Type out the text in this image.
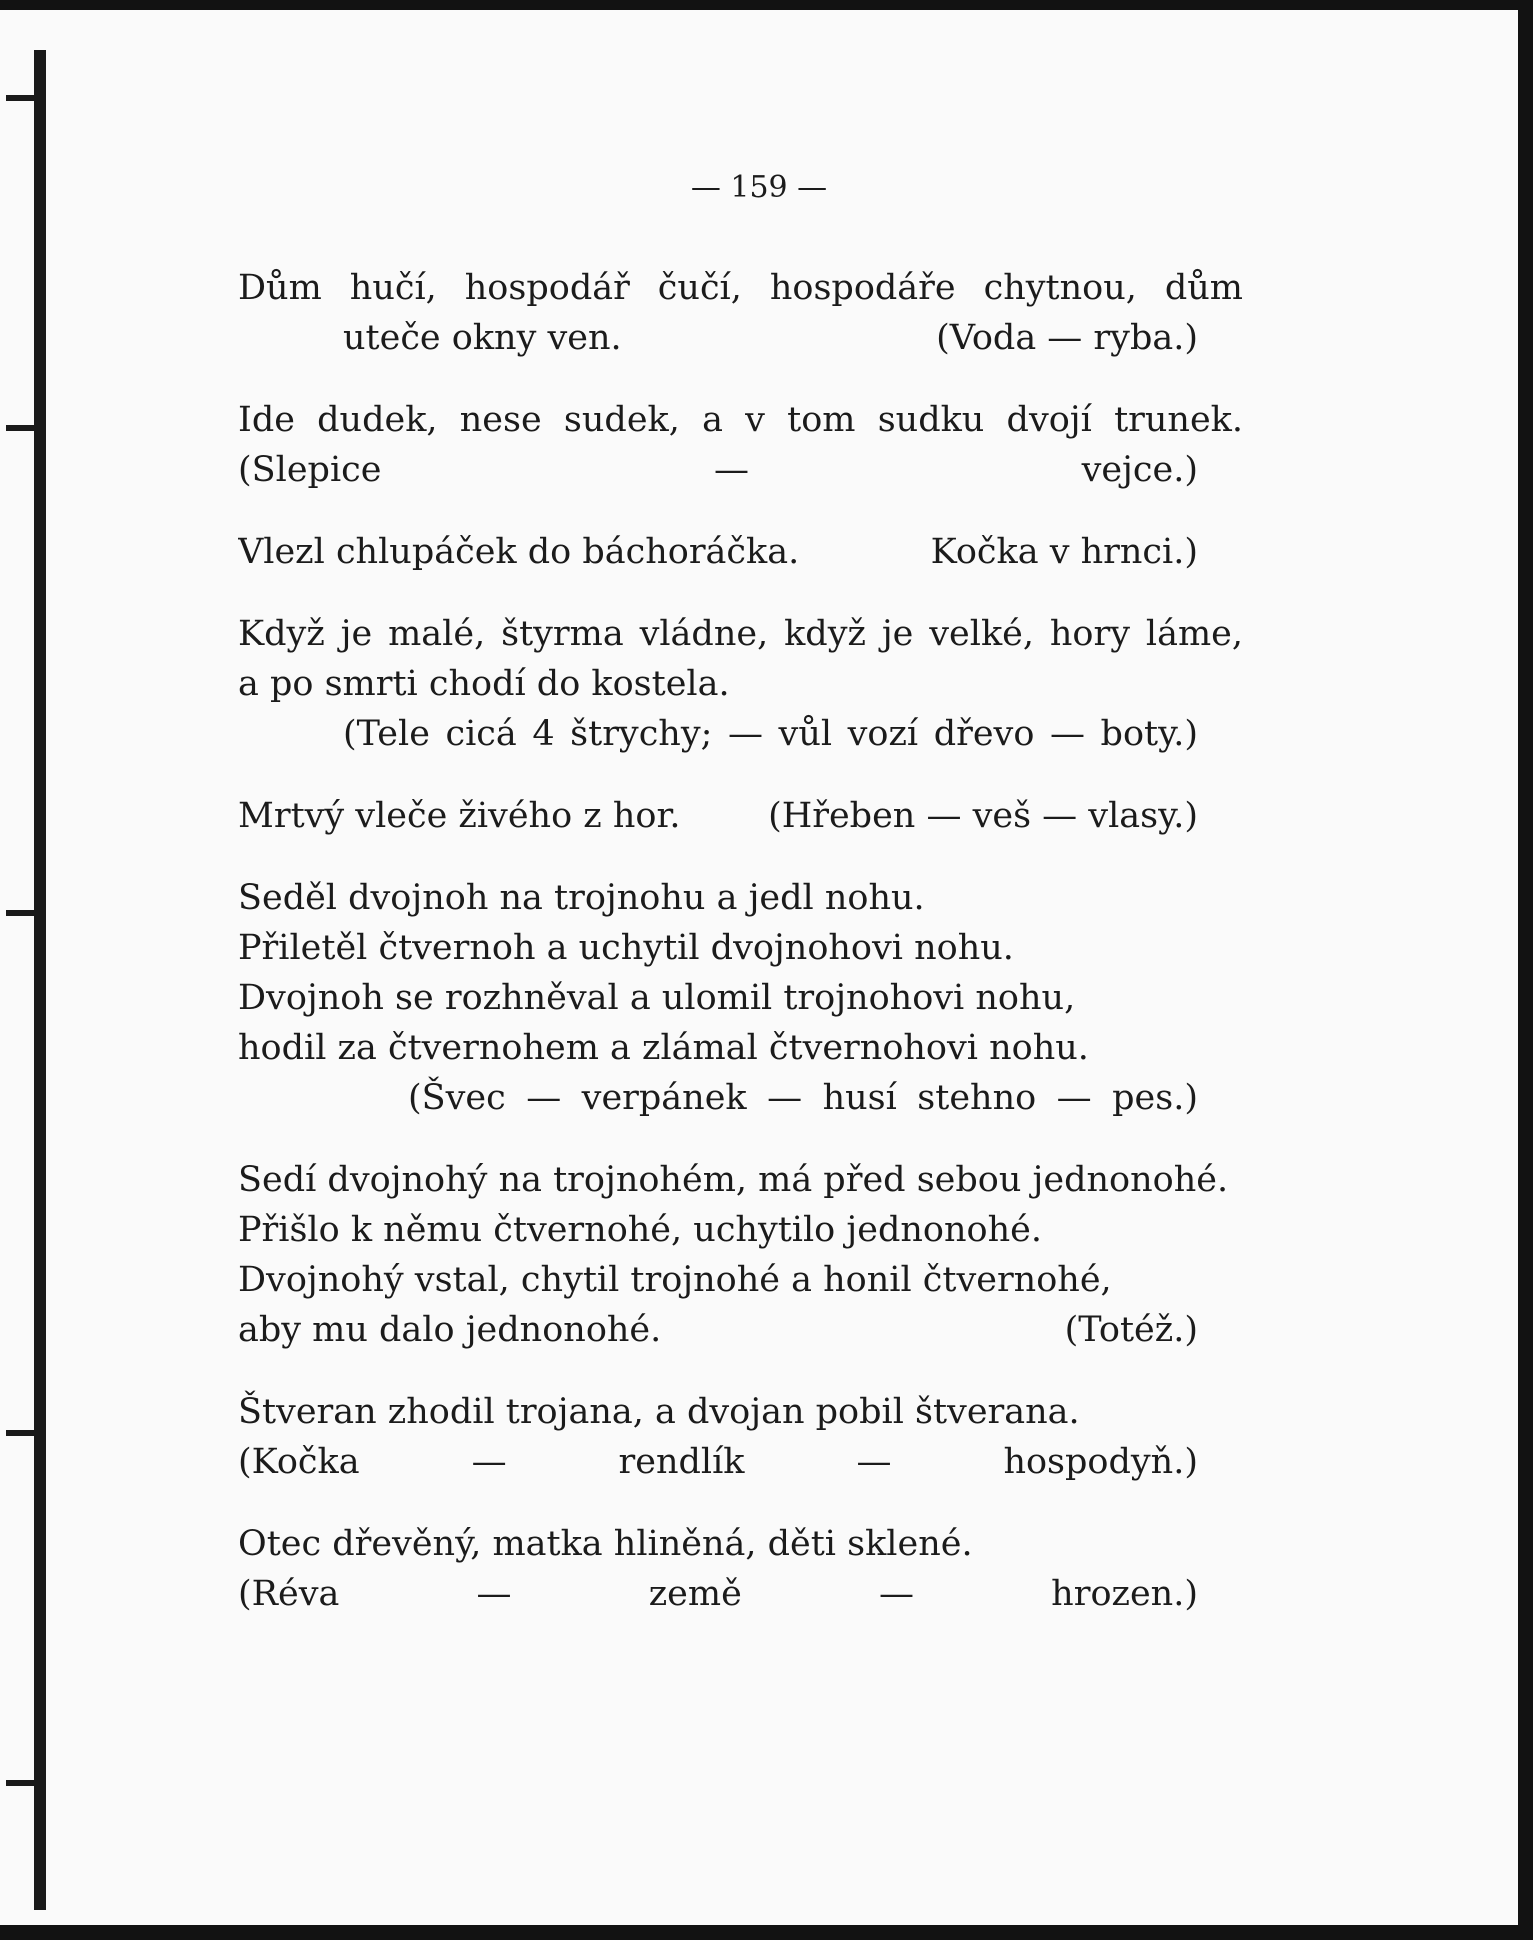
— 159 —
Dům hučí, hospodář čučí, hospodáře chytnou, dům
uteče okny ven.	(Voda — ryba.)
Ide dudek, nese sudek, a v tom sudku dvojí trunek.
(Slepice — vejce.)
Vlezl chlupáček do báchoráčka.	Kočka v hrnci.)
Když je malé, štyrma vládne, když je velké, hory láme,
a po smrti chodí do kostela.
(Tele cicá 4 štrychy; — vůl vozí dřevo — boty.)
Mrtvý vleče živého z hor.	(Hřeben — veš — vlasy.)
Seděl dvojnoh na trojnohu a jedl nohu.
Přiletěl čtvernoh a uchytil dvojnohovi nohu.
Dvojnoh se rozhněval a ulomil trojnohovi nohu,
hodil za čtvernohem a zlámal čtvernohovi nohu.
(Švec — verpánek — husí stehno — pes.)
Sedí dvojnohý na trojnohém, má před sebou jednonohé.
Přišlo k němu čtvernohé, uchytilo jednonohé.
Dvojnohý vstal, chytil trojnohé a honil čtvernohé,
aby mu dalo jednonohé.	(Totéž.)
Štveran zhodil trojana, a dvojan pobil štverana.
(Kočka — rendlík — hospodyň.)
Otec dřevěný, matka hliněná, děti sklené.
(Réva — země — hrozen.)
